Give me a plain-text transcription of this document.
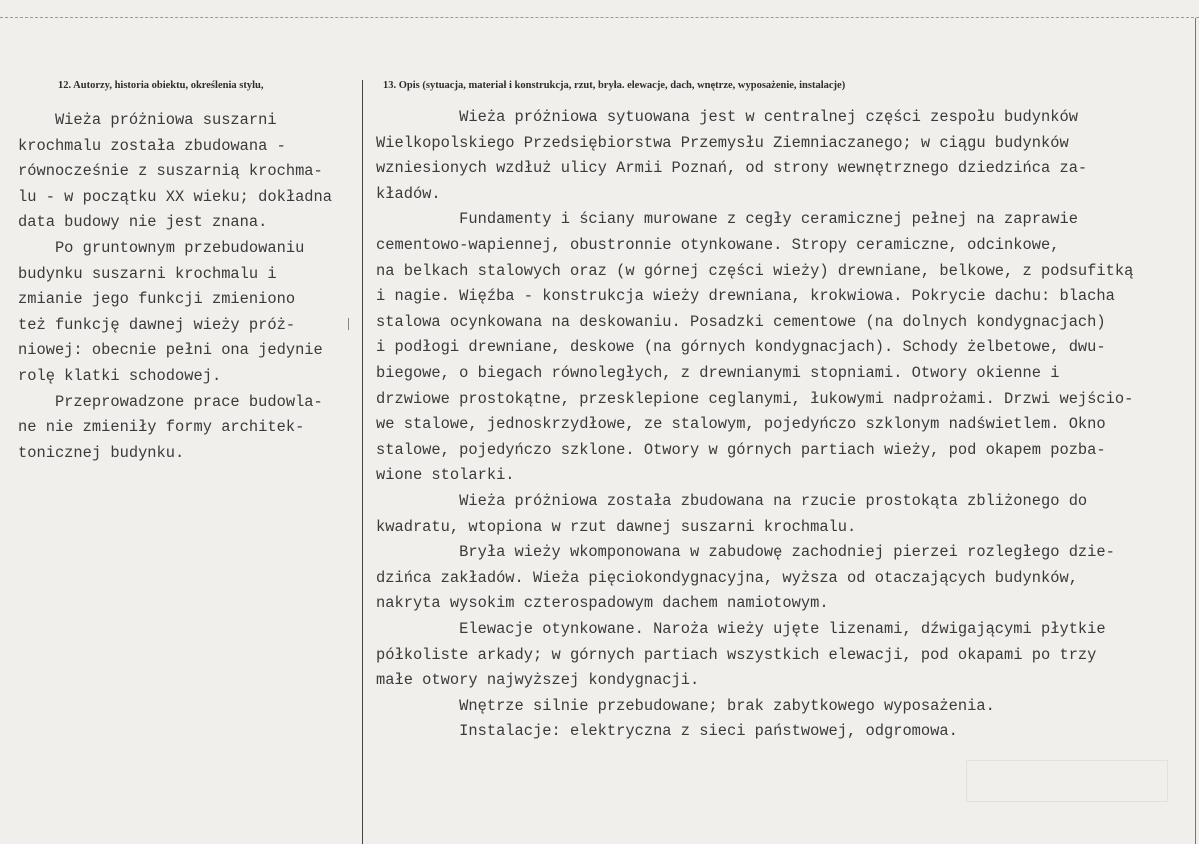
12. Autorzy, historia obiektu, określenia stylu,	13. Opis (sytuacja, materiał i konstrukcja, rzut, bryła. elewacje, dach, wnętrze, wyposażenie, instalacje)
Wieża próżniowa suszarni
krochmalu została zbudowana -
równocześnie z suszarnią krochma-
lu - w początku XX wieku; dokładna
data budowy nie jest znana.
Po gruntownym przebudowaniu
budynku suszarni krochmalu i
zmianie jego funkcji zmieniono
też funkcję dawnej wieży próż-
niowej: obecnie pełni ona jedynie
rolę klatki schodowej.
Przeprowadzone prace budowla-
ne nie zmieniły formy architek-
tonicznej budynku.
Wieża próżniowa sytuowana jest w centralnej części zespołu budynków
Wielkopolskiego Przedsiębiorstwa Przemysłu Ziemniaczanego; w ciągu budynków
wzniesionych wzdłuż ulicy Armii Poznań, od strony wewnętrznego dziedzińca za-
kładów.
Fundamenty i ściany murowane z cegły ceramicznej pełnej na zaprawie
cementowo-wapiennej, obustronnie otynkowane. Stropy ceramiczne, odcinkowe,
na belkach stalowych oraz (w górnej części wieży) drewniane, belkowe, z podsufitką
i nagie. Więźba - konstrukcja wieży drewniana, krokwiowa. Pokrycie dachu: blacha
stalowa ocynkowana na deskowaniu. Posadzki cementowe (na dolnych kondygnacjach)
i podłogi drewniane, deskowe (na górnych kondygnacjach). Schody żelbetowe, dwu-
biegowe, o biegach równoległych, z drewnianymi stopniami. Otwory okienne i
drzwiowe prostokątne, przesklepione ceglanymi, łukowymi nadprożami. Drzwi wejścio-
we stalowe, jednoskrzydłowe, ze stalowym, pojedyńczo szklonym nadświetlem. Okno
stalowe, pojedyńczo szklone. Otwory w górnych partiach wieży, pod okapem pozba-
wione stolarki.
Wieża próżniowa została zbudowana na rzucie prostokąta zbliżonego do
kwadratu, wtopiona w rzut dawnej suszarni krochmalu.
Bryła wieży wkomponowana w zabudowę zachodniej pierzei rozległego dzie-
dzińca zakładów. Wieża pięciokondygnacyjna, wyższa od otaczających budynków,
nakryta wysokim czterospadowym dachem namiotowym.
Elewacje otynkowane. Naroża wieży ujęte lizenami, dźwigającymi płytkie
półkoliste arkady; w górnych partiach wszystkich elewacji, pod okapami po trzy
małe otwory najwyższej kondygnacji.
Wnętrze silnie przebudowane; brak zabytkowego wyposażenia.
Instalacje: elektryczna z sieci państwowej, odgromowa.
